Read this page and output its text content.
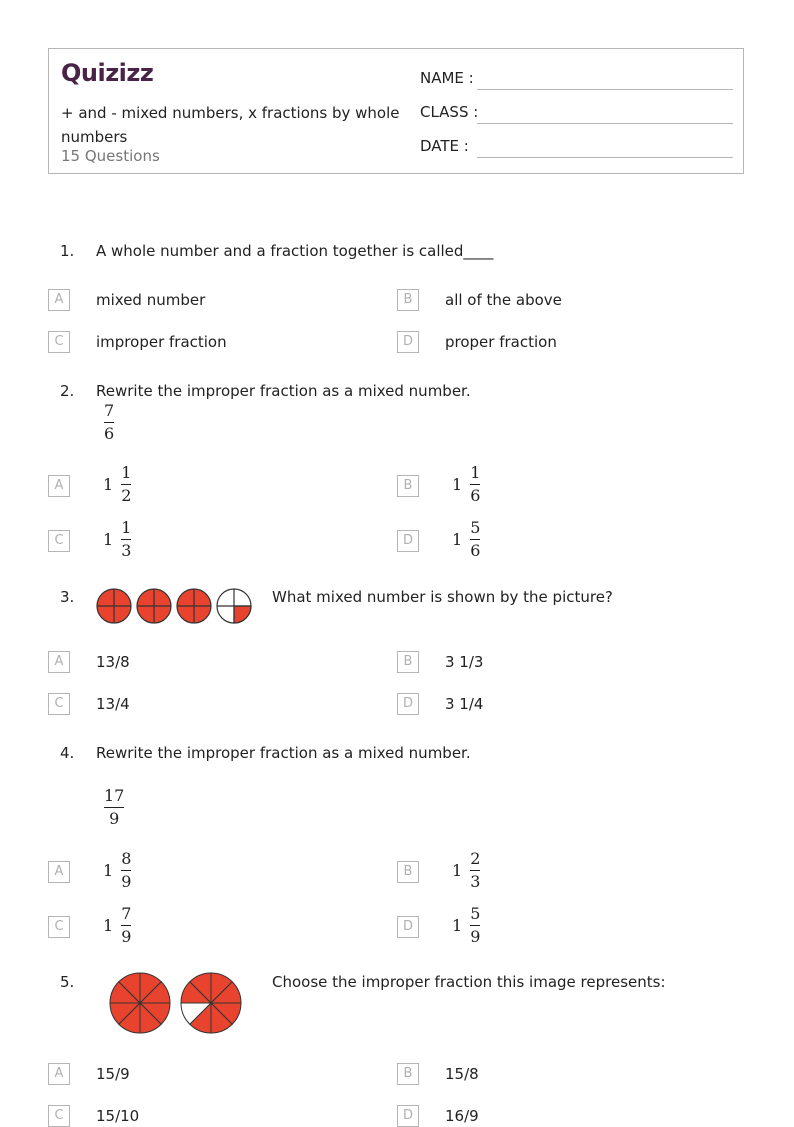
Quizizz
+ and - mixed numbers, x fractions by whole numbers
15 Questions
NAME :
CLASS :
DATE :
1. A whole number and a fraction together is called____
A	mixed number	B	all of the above
C	improper fraction	D	proper fraction
2. Rewrite the improper fraction as a mixed number.
$\frac{7}{6}$
A	$1 \frac{1}{2}$	B	$1 \frac{1}{6}$
C	$1 \frac{1}{3}$	D	$1 \frac{5}{6}$
3.	What mixed number is shown by the picture?
A	13/8	B	3 1/3
C	13/4	D	3 1/4
4. Rewrite the improper fraction as a mixed number.
$\frac{17}{9}$
A	$1 \frac{8}{9}$	B	$1 \frac{2}{3}$
C	$1 \frac{7}{9}$	D	$1 \frac{5}{9}$
5.	Choose the improper fraction this image represents:
A	15/9	B	15/8
C	15/10	D	16/9
